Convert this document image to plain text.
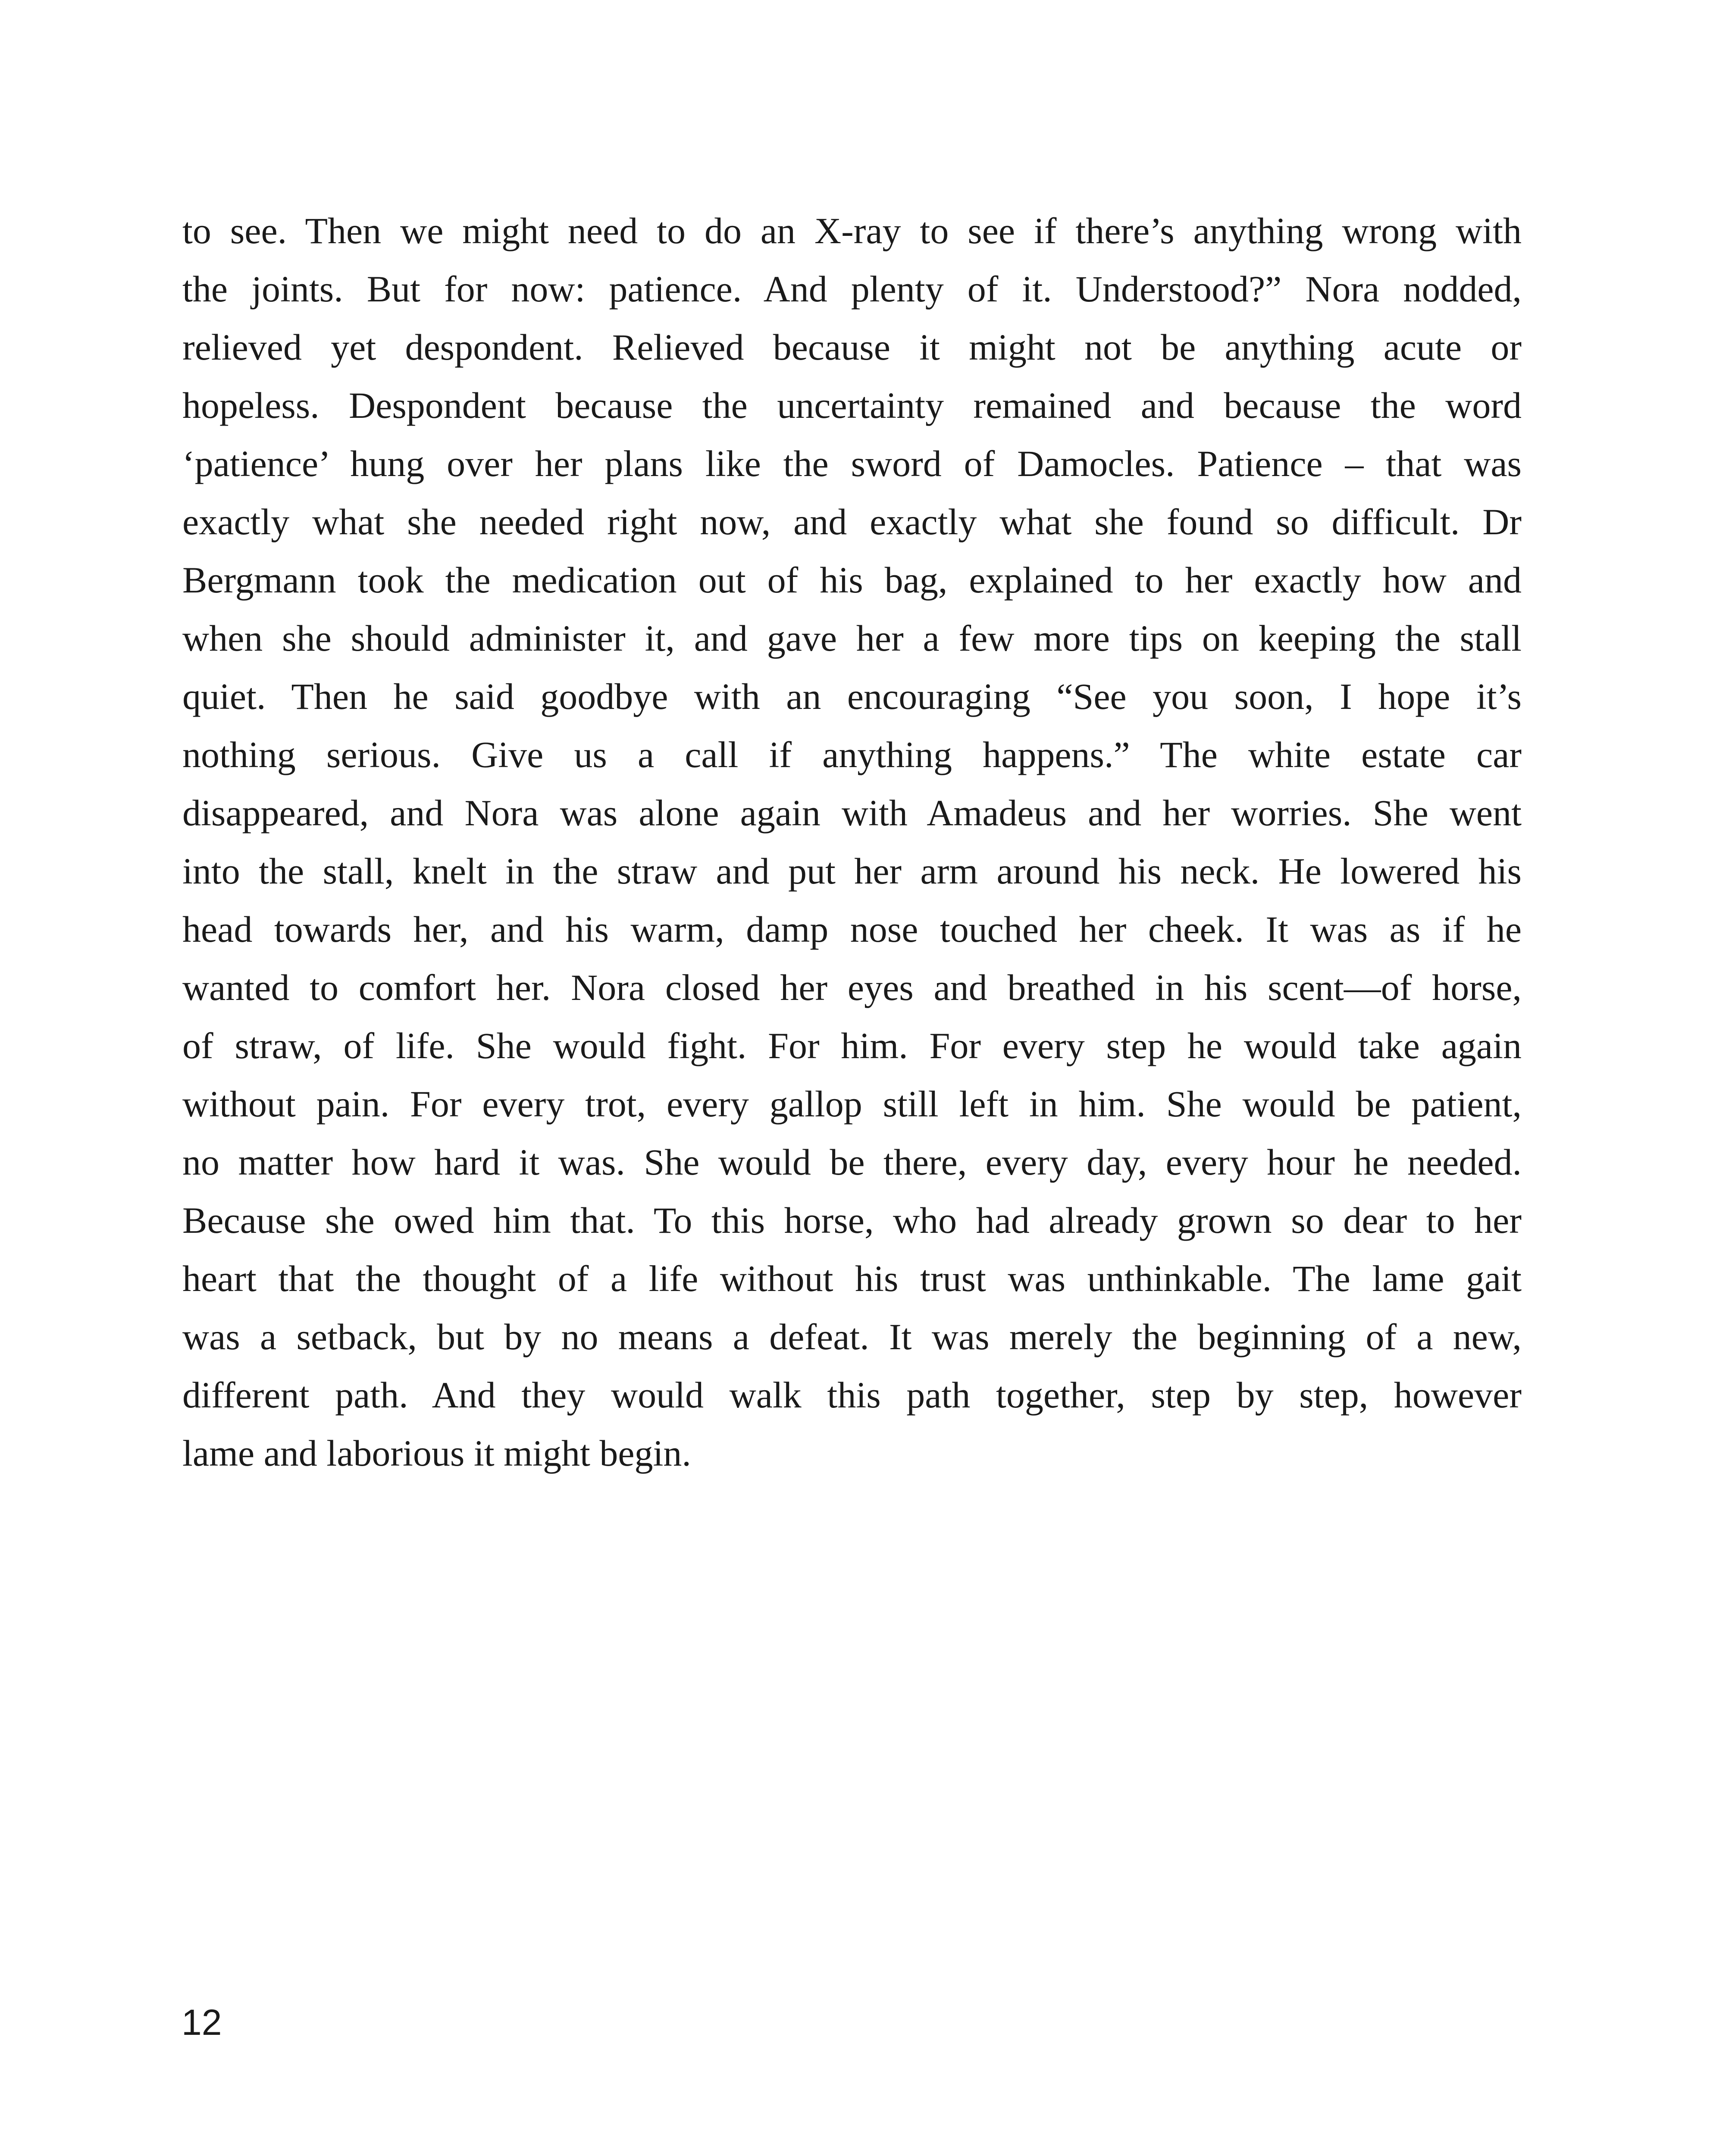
to see. Then we might need to do an X-ray to see if there’s anything wrong with
the joints. But for now: patience. And plenty of it. Understood?” Nora nodded,
relieved yet despondent. Relieved because it might not be anything acute or
hopeless. Despondent because the uncertainty remained and because the word
‘patience’ hung over her plans like the sword of Damocles. Patience – that was
exactly what she needed right now, and exactly what she found so difficult. Dr
Bergmann took the medication out of his bag, explained to her exactly how and
when she should administer it, and gave her a few more tips on keeping the stall
quiet. Then he said goodbye with an encouraging “See you soon, I hope it’s
nothing serious. Give us a call if anything happens.” The white estate car
disappeared, and Nora was alone again with Amadeus and her worries. She went
into the stall, knelt in the straw and put her arm around his neck. He lowered his
head towards her, and his warm, damp nose touched her cheek. It was as if he
wanted to comfort her. Nora closed her eyes and breathed in his scent—of horse,
of straw, of life. She would fight. For him. For every step he would take again
without pain. For every trot, every gallop still left in him. She would be patient,
no matter how hard it was. She would be there, every day, every hour he needed.
Because she owed him that. To this horse, who had already grown so dear to her
heart that the thought of a life without his trust was unthinkable. The lame gait
was a setback, but by no means a defeat. It was merely the beginning of a new,
different path. And they would walk this path together, step by step, however
lame and laborious it might begin.
12
